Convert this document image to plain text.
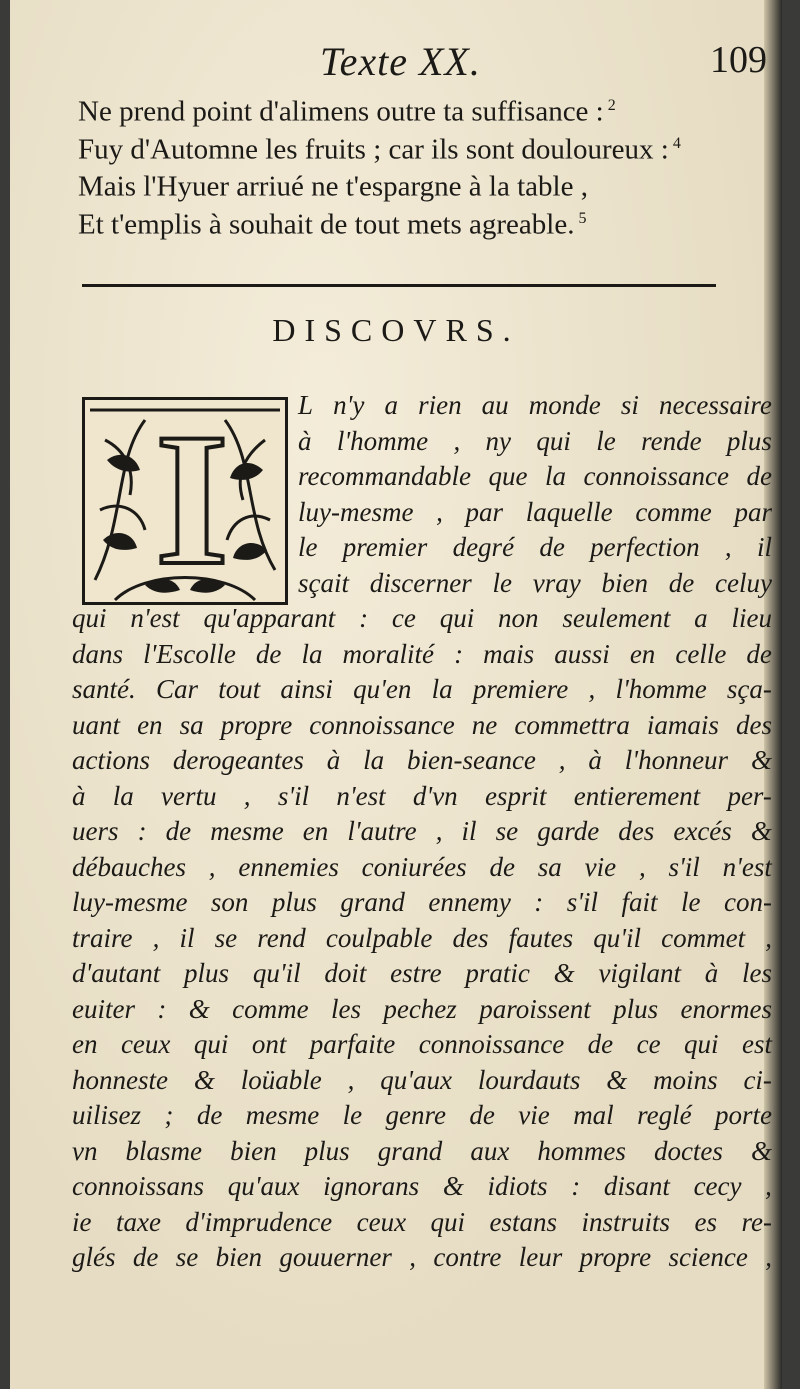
Texte XX.	109
Ne prend point d'alimens outre ta suffisance : $^2$
Fuy d'Automne les fruits ; car ils sont douloureux : $^4$
Mais l'Hyuer arriué ne t'espargne à la table ,
Et t'emplis à souhait de tout mets agreable. $^5$
DISCOVRS.
I	L n'y a rien au monde si necessaire
à l'homme , ny qui le rende plus
recommandable que la connoissance de
luy-mesme , par laquelle comme par
le premier degré de perfection , il
sçait discerner le vray bien de celuy
qui n'est qu'apparant : ce qui non seulement a lieu
dans l'Escolle de la moralité : mais aussi en celle de
santé. Car tout ainsi qu'en la premiere , l'homme sça-
uant en sa propre connoissance ne commettra iamais des
actions derogeantes à la bien-seance , à l'honneur &
à la vertu , s'il n'est d'vn esprit entierement per-
uers : de mesme en l'autre , il se garde des excés &
débauches , ennemies coniurées de sa vie , s'il n'est
luy-mesme son plus grand ennemy : s'il fait le con-
traire , il se rend coulpable des fautes qu'il commet ,
d'autant plus qu'il doit estre pratic & vigilant à les
euiter : & comme les pechez paroissent plus enormes
en ceux qui ont parfaite connoissance de ce qui est
honneste & loüable , qu'aux lourdauts & moins ci-
uilisez ; de mesme le genre de vie mal reglé porte
vn blasme bien plus grand aux hommes doctes &
connoissans qu'aux ignorans & idiots : disant cecy ,
ie taxe d'imprudence ceux qui estans instruits es re-
glés de se bien gouuerner , contre leur propre science ,
